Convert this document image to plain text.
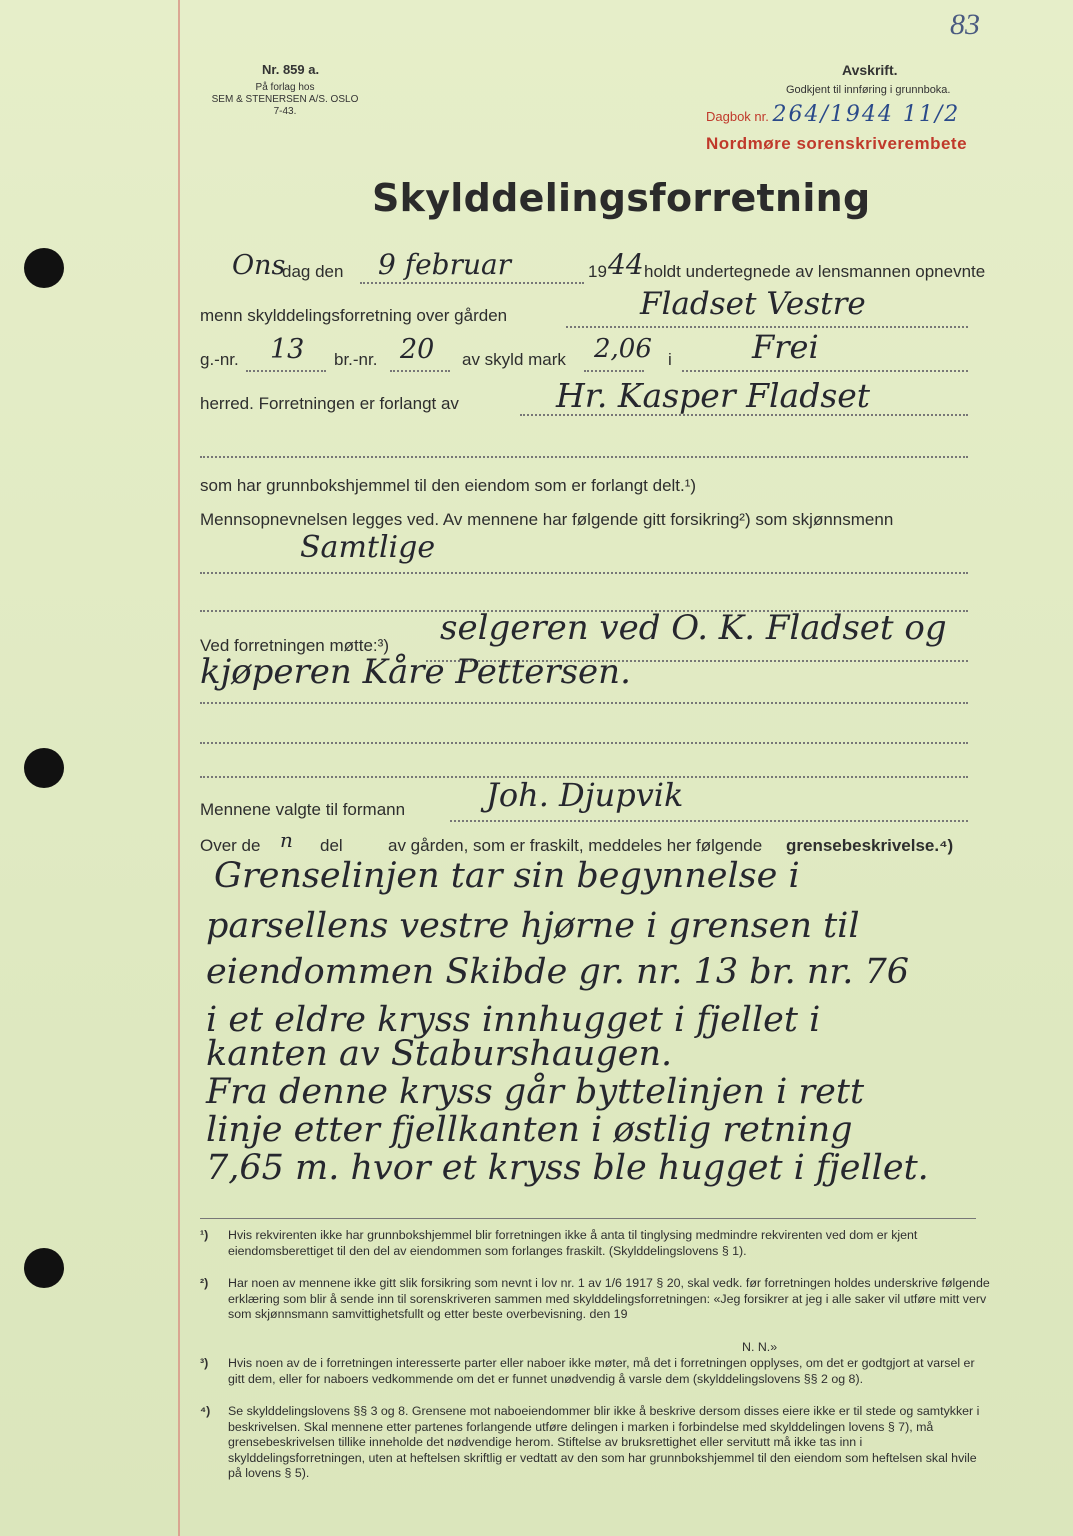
83
Nr. 859 a.
På forlag hos
SEM & STENERSEN A/S. OSLO
7-43.
Avskrift.
Godkjent til innføring i grunnboka.
Dagbok nr. 264/1944 11/2
Nordmøre sorenskriverembete
Skylddelingsforretning
Ons
dag den 9 februar	19 44 holdt undertegnede av lensmannen opnevnte
menn skylddelingsforretning over gården	Fladset Vestre
g.-nr. 13 br.-nr. 20 av skyld mark 2,06 i	Frei
herred. Forretningen er forlangt av	Hr. Kasper Fladset
som har grunnbokshjemmel til den eiendom som er forlangt delt.¹)
Mennsopnevnelsen legges ved. Av mennene har følgende gitt forsikring²) som skjønnsmenn
Samtlige
Ved forretningen møtte:³) selgeren ved O. K. Fladset og
kjøperen Kåre Pettersen.
Mennene valgte til formann	Joh. Djupvik
Over de n del	av gården, som er fraskilt, meddeles her følgende grensebeskrivelse.⁴)
Grenselinjen tar sin begynnelse i
parsellens vestre hjørne i grensen til
eiendommen Skibde gr. nr. 13 br. nr. 76
i et eldre kryss innhugget i fjellet i
kanten av Staburshaugen.
Fra denne kryss går byttelinjen i rett
linje etter fjellkanten i østlig retning
7,65 m. hvor et kryss ble hugget i fjellet.
¹) Hvis rekvirenten ikke har grunnbokshjemmel blir forretningen ikke å anta til tinglysing medmindre rekvirenten ved dom er kjent eiendomsberettiget til den del av eiendommen som forlanges fraskilt. (Skylddelingslovens § 1).
²) Har noen av mennene ikke gitt slik forsikring som nevnt i lov nr. 1 av 1/6 1917 § 20, skal vedk. før forretningen holdes underskrive følgende erklæring som blir å sende inn til sorenskriveren sammen med skylddelingsforretningen: «Jeg forsikrer at jeg i alle saker vil utføre mitt verv som skjønnsmann samvittighetsfullt og etter beste overbevisning. den 19
N. N.»
³) Hvis noen av de i forretningen interesserte parter eller naboer ikke møter, må det i forretningen opplyses, om det er godtgjort at varsel er gitt dem, eller for naboers vedkommende om det er funnet unødvendig å varsle dem (skylddelingslovens §§ 2 og 8).
⁴) Se skylddelingslovens §§ 3 og 8. Grensene mot naboeiendommer blir ikke å beskrive dersom disses eiere ikke er til stede og samtykker i beskrivelsen. Skal mennene etter partenes forlangende utføre delingen i marken i forbindelse med skylddelingen lovens § 7), må grensebeskrivelsen tillike inneholde det nødvendige herom. Stiftelse av bruksrettighet eller servitutt må ikke tas inn i skylddelingsforretningen, uten at heftelsen skriftlig er vedtatt av den som har grunnbokshjemmel til den eiendom som heftelsen skal hvile på lovens § 5).
